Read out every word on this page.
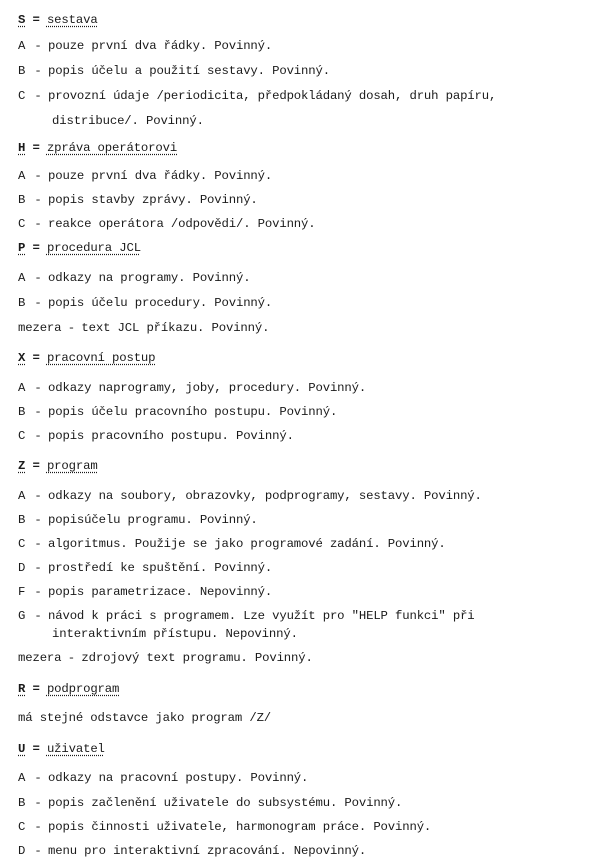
S = sestava
A - pouze první dva řádky. Povinný.
B - popis účelu a použití sestavy. Povinný.
C - provozní údaje /periodicita, předpokládaný dosah, druh papíru,
distribuce/. Povinný.
H = zpráva operátorovi
A - pouze první dva řádky. Povinný.
B - popis stavby zprávy. Povinný.
C - reakce operátora /odpovědi/. Povinný.
P = procedura JCL
A - odkazy na programy. Povinný.
B - popis účelu procedury. Povinný.
mezera - text JCL příkazu. Povinný.
X = pracovní postup
A - odkazy naprogramy, joby, procedury. Povinný.
B - popis účelu pracovního postupu. Povinný.
C - popis pracovního postupu. Povinný.
Z = program
A - odkazy na soubory, obrazovky, podprogramy, sestavy. Povinný.
B - popisúčelu programu. Povinný.
C - algoritmus. Použije se jako programové zadání. Povinný.
D - prostředí ke spuštění. Povinný.
F - popis parametrizace. Nepovinný.
G - návod k práci s programem. Lze využít pro "HELP funkci" při
interaktivním přístupu. Nepovinný.
mezera - zdrojový text programu. Povinný.
R = podprogram
má stejné odstavce jako program /Z/
U = uživatel
A - odkazy na pracovní postupy. Povinný.
B - popis začlenění uživatele do subsystému. Povinný.
C - popis činnosti uživatele, harmonogram práce. Povinný.
D - menu pro interaktivní zpracování. Nepovinný.
